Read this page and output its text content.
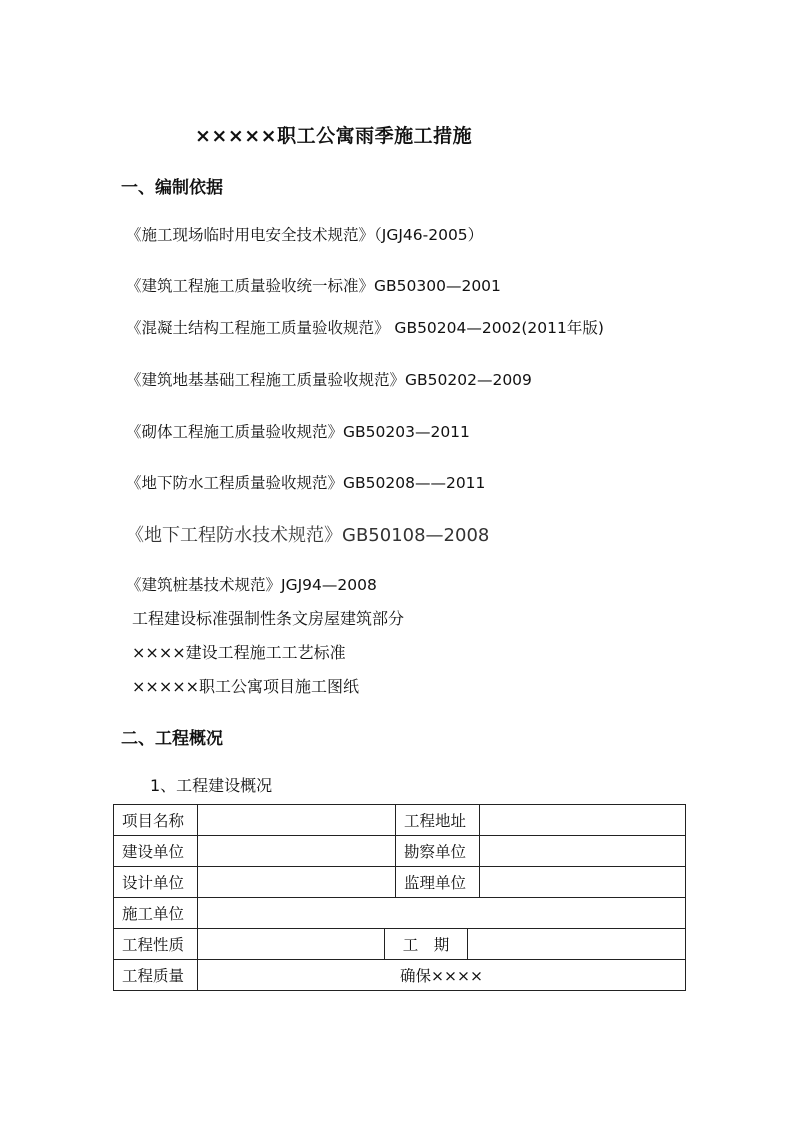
×××××职工公寓雨季施工措施
一、编制依据
《施工现场临时用电安全技术规范》（JGJ46-2005）
《建筑工程施工质量验收统一标准》GB50300—2001
《混凝土结构工程施工质量验收规范》 GB50204—2002(2011年版)
《建筑地基基础工程施工质量验收规范》GB50202—2009
《砌体工程施工质量验收规范》GB50203—2011
《地下防水工程质量验收规范》GB50208——2011
《地下工程防水技术规范》GB50108—2008
《建筑桩基技术规范》JGJ94—2008
工程建设标准强制性条文房屋建筑部分
××××建设工程施工工艺标准
×××××职工公寓项目施工图纸
二、工程概况
1、工程建设概况
项目名称			工程地址		
建设单位			勘察单位		
设计单位			监理单位		
施工单位					
工程性质		工　期			
工程质量	确保××××				
